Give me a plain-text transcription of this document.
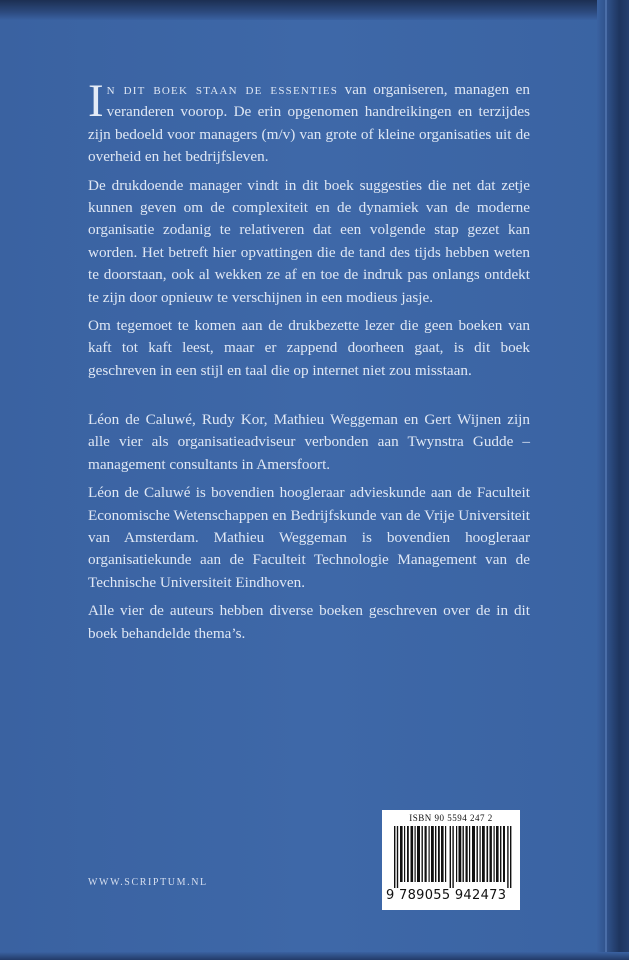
In dit boek staan de essenties van organiseren, managen en veranderen voorop. De erin opgenomen handreikingen en terzijdes zijn bedoeld voor managers (m/v) van grote of kleine organisaties uit de overheid en het bedrijfsleven.

De drukdoende manager vindt in dit boek suggesties die net dat zetje kunnen geven om de complexiteit en de dynamiek van de moderne organisatie zodanig te relativeren dat een volgende stap gezet kan worden. Het betreft hier opvattingen die de tand des tijds hebben weten te doorstaan, ook al wekken ze af en toe de indruk pas onlangs ontdekt te zijn door opnieuw te verschijnen in een modieus jasje.

Om tegemoet te komen aan de drukbezette lezer die geen boeken van kaft tot kaft leest, maar er zappend doorheen gaat, is dit boek geschreven in een stijl en taal die op internet niet zou misstaan.

Léon de Caluwé, Rudy Kor, Mathieu Weggeman en Gert Wijnen zijn alle vier als organisatieadviseur verbonden aan Twynstra Gudde – management consultants in Amersfoort.

Léon de Caluwé is bovendien hoogleraar advieskunde aan de Faculteit Economische Wetenschappen en Bedrijfskunde van de Vrije Universiteit van Amsterdam. Mathieu Weggeman is bovendien hoogleraar organisatiekunde aan de Faculteit Technologie Management van de Technische Universiteit Eindhoven.

Alle vier de auteurs hebben diverse boeken geschreven over de in dit boek behandelde thema’s.

WWW.SCRIPTUM.NL
ISBN 90 5594 247 2
9 789055 942473
